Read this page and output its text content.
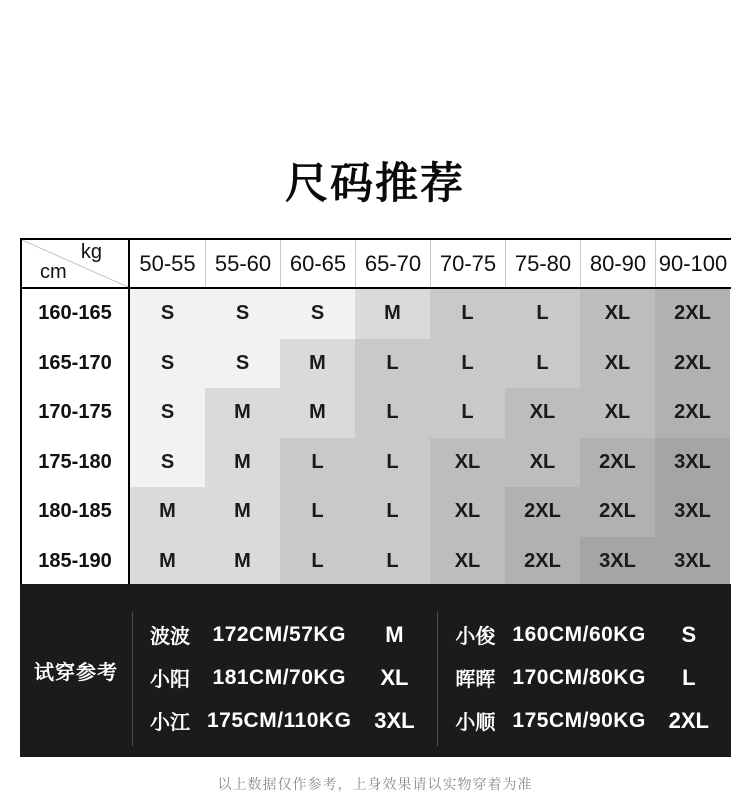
尺码推荐
kg
cm	50-55 55-60 60-65 65-70 70-75 75-80 80-90 90-100
160-165	S	S	S	M	L	L	XL	2XL
165-170	S	S	M	L	L	L	XL	2XL
170-175	S	M	M	L	L	XL	XL	2XL
175-180	S	M	L	L	XL	XL	2XL	3XL
180-185	M	M	L	L	XL	2XL	2XL	3XL
185-190	M	M	L	L	XL	2XL	3XL	3XL
试穿参考
波波	172CM/57KG	M
小阳	181CM/70KG	XL
小江 175CM/110KG	3XL
小俊 160CM/60KG	S
晖晖 170CM/80KG	L
小顺 175CM/90KG	2XL
以上数据仅作参考，上身效果请以实物穿着为准
